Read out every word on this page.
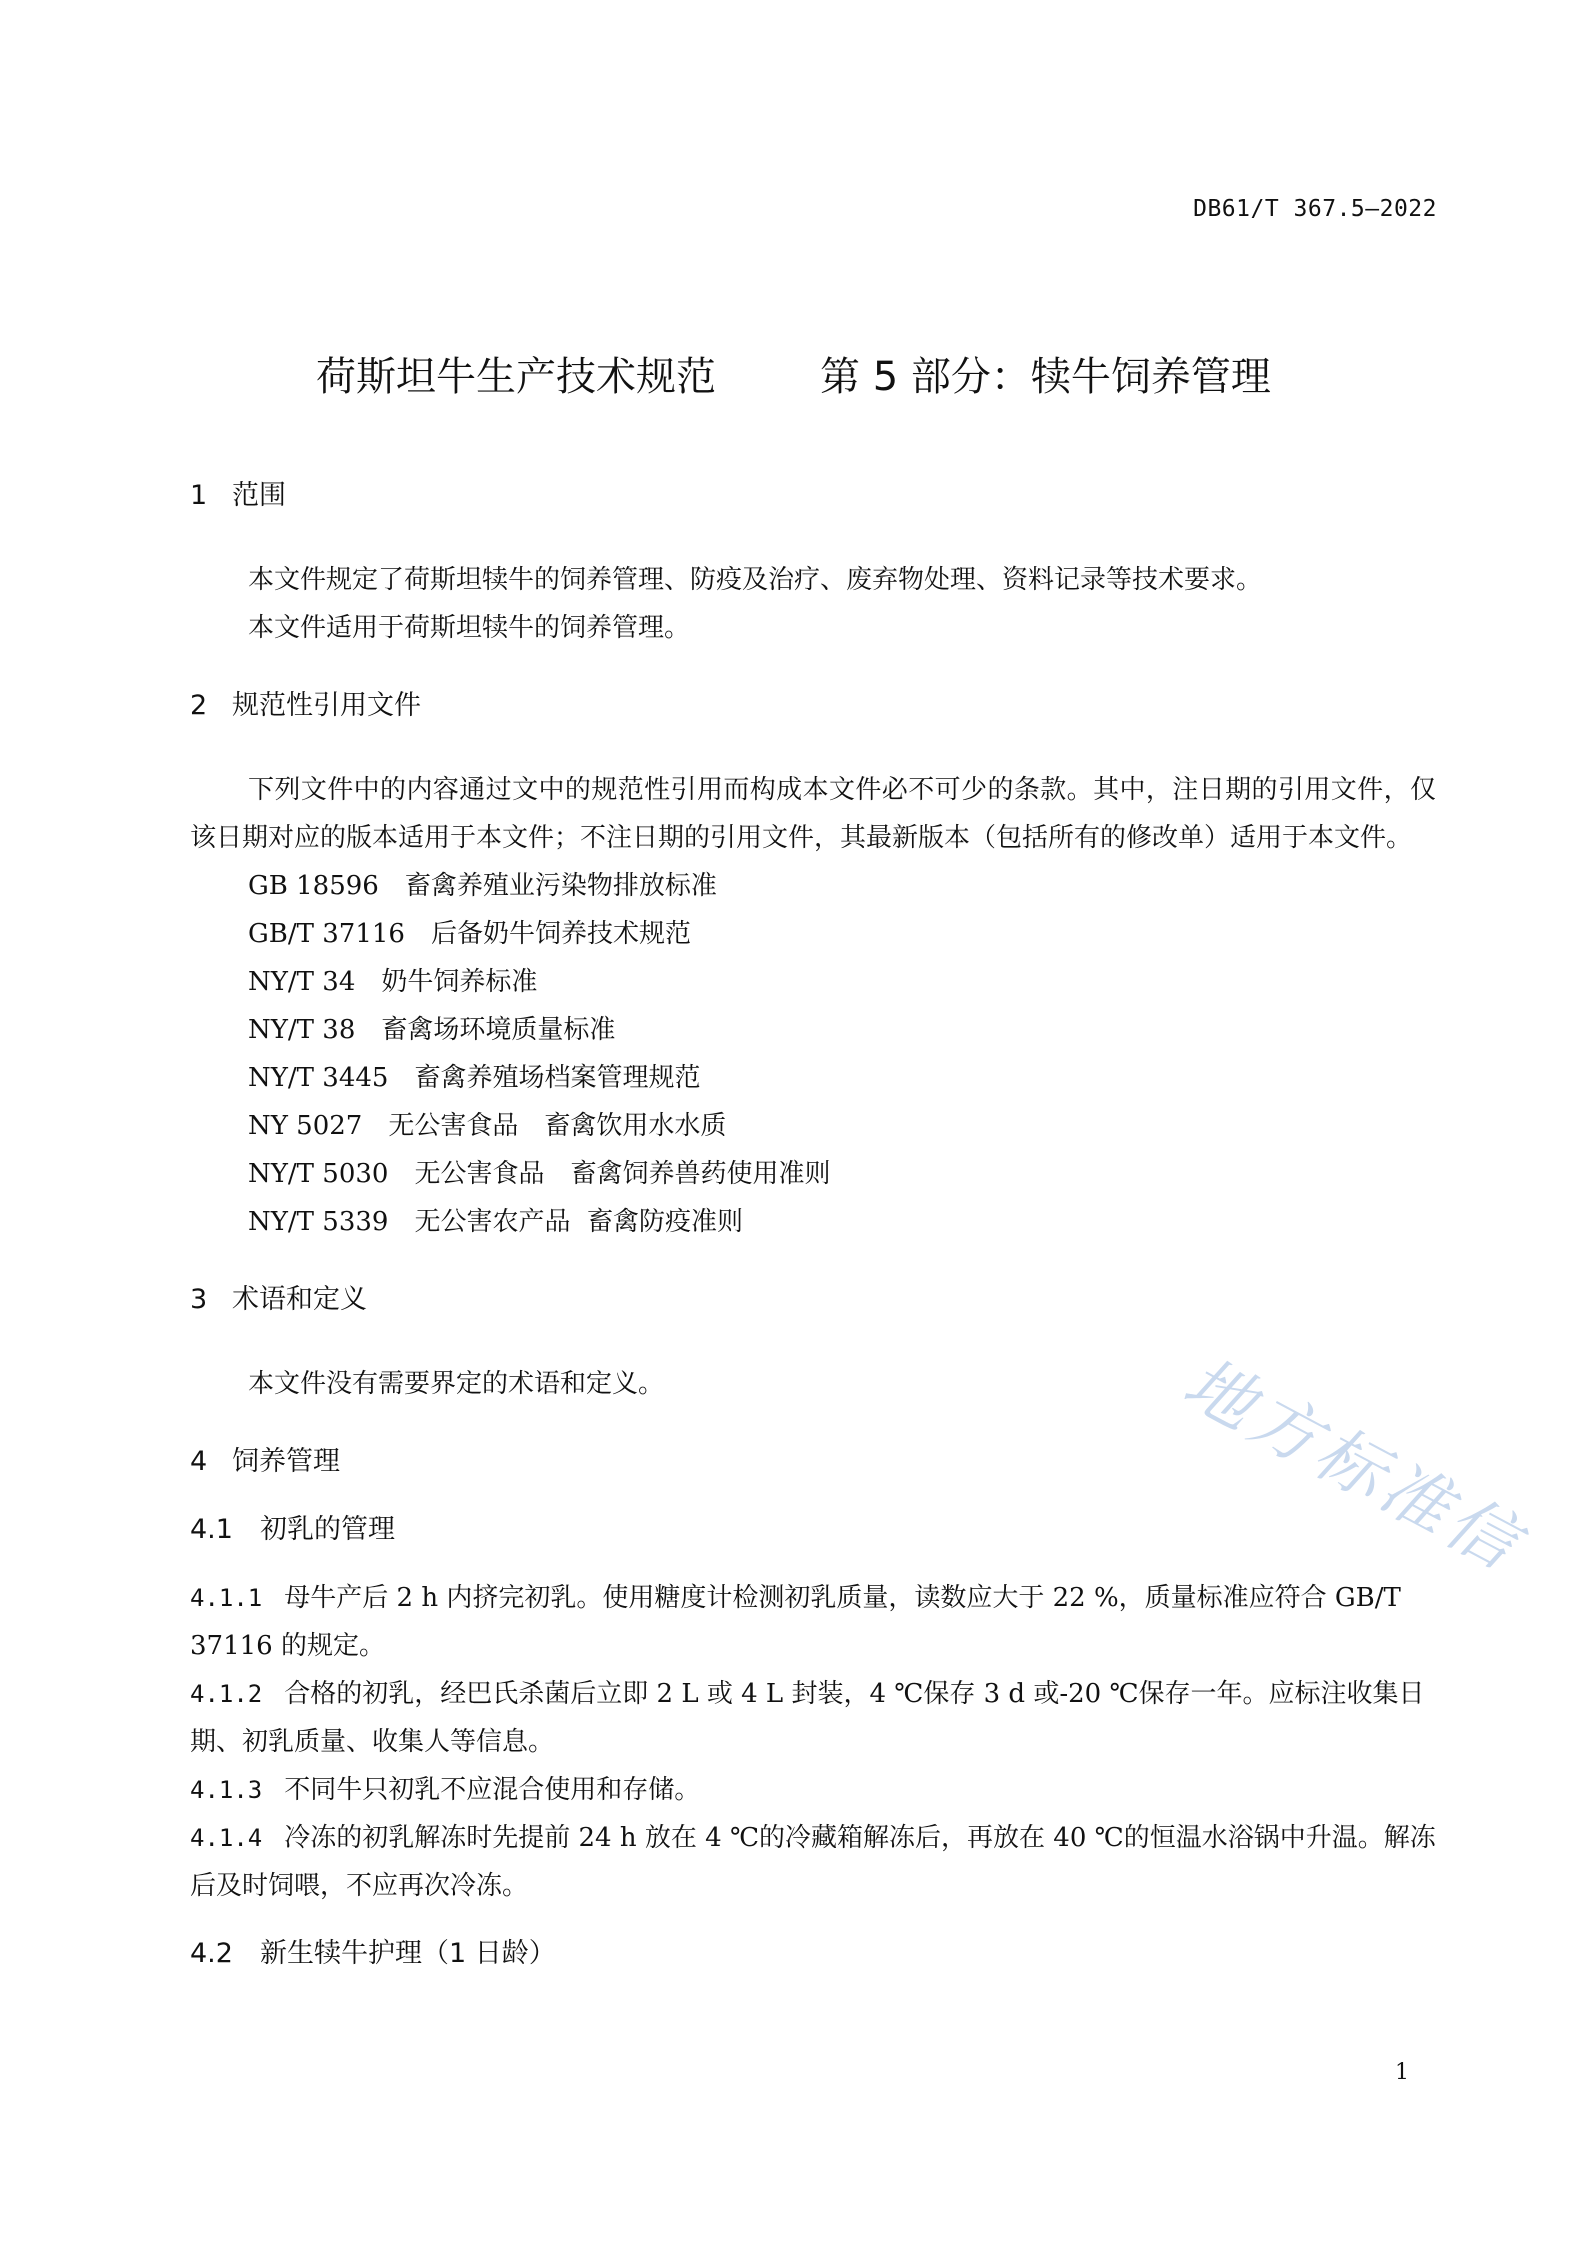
DB61/T 367.5—2022
荷斯坦牛生产技术规范	第 5 部分：犊牛饲养管理
1 范围
本文件规定了荷斯坦犊牛的饲养管理、防疫及治疗、废弃物处理、资料记录等技术要求。
本文件适用于荷斯坦犊牛的饲养管理。
2 规范性引用文件
下列文件中的内容通过文中的规范性引用而构成本文件必不可少的条款。其中，注日期的引用文件，仅该日期对应的版本适用于本文件；不注日期的引用文件，其最新版本（包括所有的修改单）适用于本文件。
GB 18596　畜禽养殖业污染物排放标准
GB/T 37116　后备奶牛饲养技术规范
NY/T 34　奶牛饲养标准
NY/T 38　畜禽场环境质量标准
NY/T 3445　畜禽养殖场档案管理规范
NY 5027　无公害食品　畜禽饮用水水质
NY/T 5030　无公害食品　畜禽饲养兽药使用准则
NY/T 5339　无公害农产品  畜禽防疫准则
3 术语和定义
本文件没有需要界定的术语和定义。
4 饲养管理
4.1 初乳的管理
4.1.1 母牛产后 2 h 内挤完初乳。使用糖度计检测初乳质量，读数应大于 22 %，质量标准应符合 GB/T 37116 的规定。
4.1.2 合格的初乳，经巴氏杀菌后立即 2 L 或 4 L 封装，4 ℃保存 3 d 或-20 ℃保存一年。应标注收集日期、初乳质量、收集人等信息。
4.1.3 不同牛只初乳不应混合使用和存储。
4.1.4 冷冻的初乳解冻时先提前 24 h 放在 4 ℃的冷藏箱解冻后，再放在 40 ℃的恒温水浴锅中升温。解冻后及时饲喂，不应再次冷冻。
4.2 新生犊牛护理（1 日龄）
地方标准信
1
